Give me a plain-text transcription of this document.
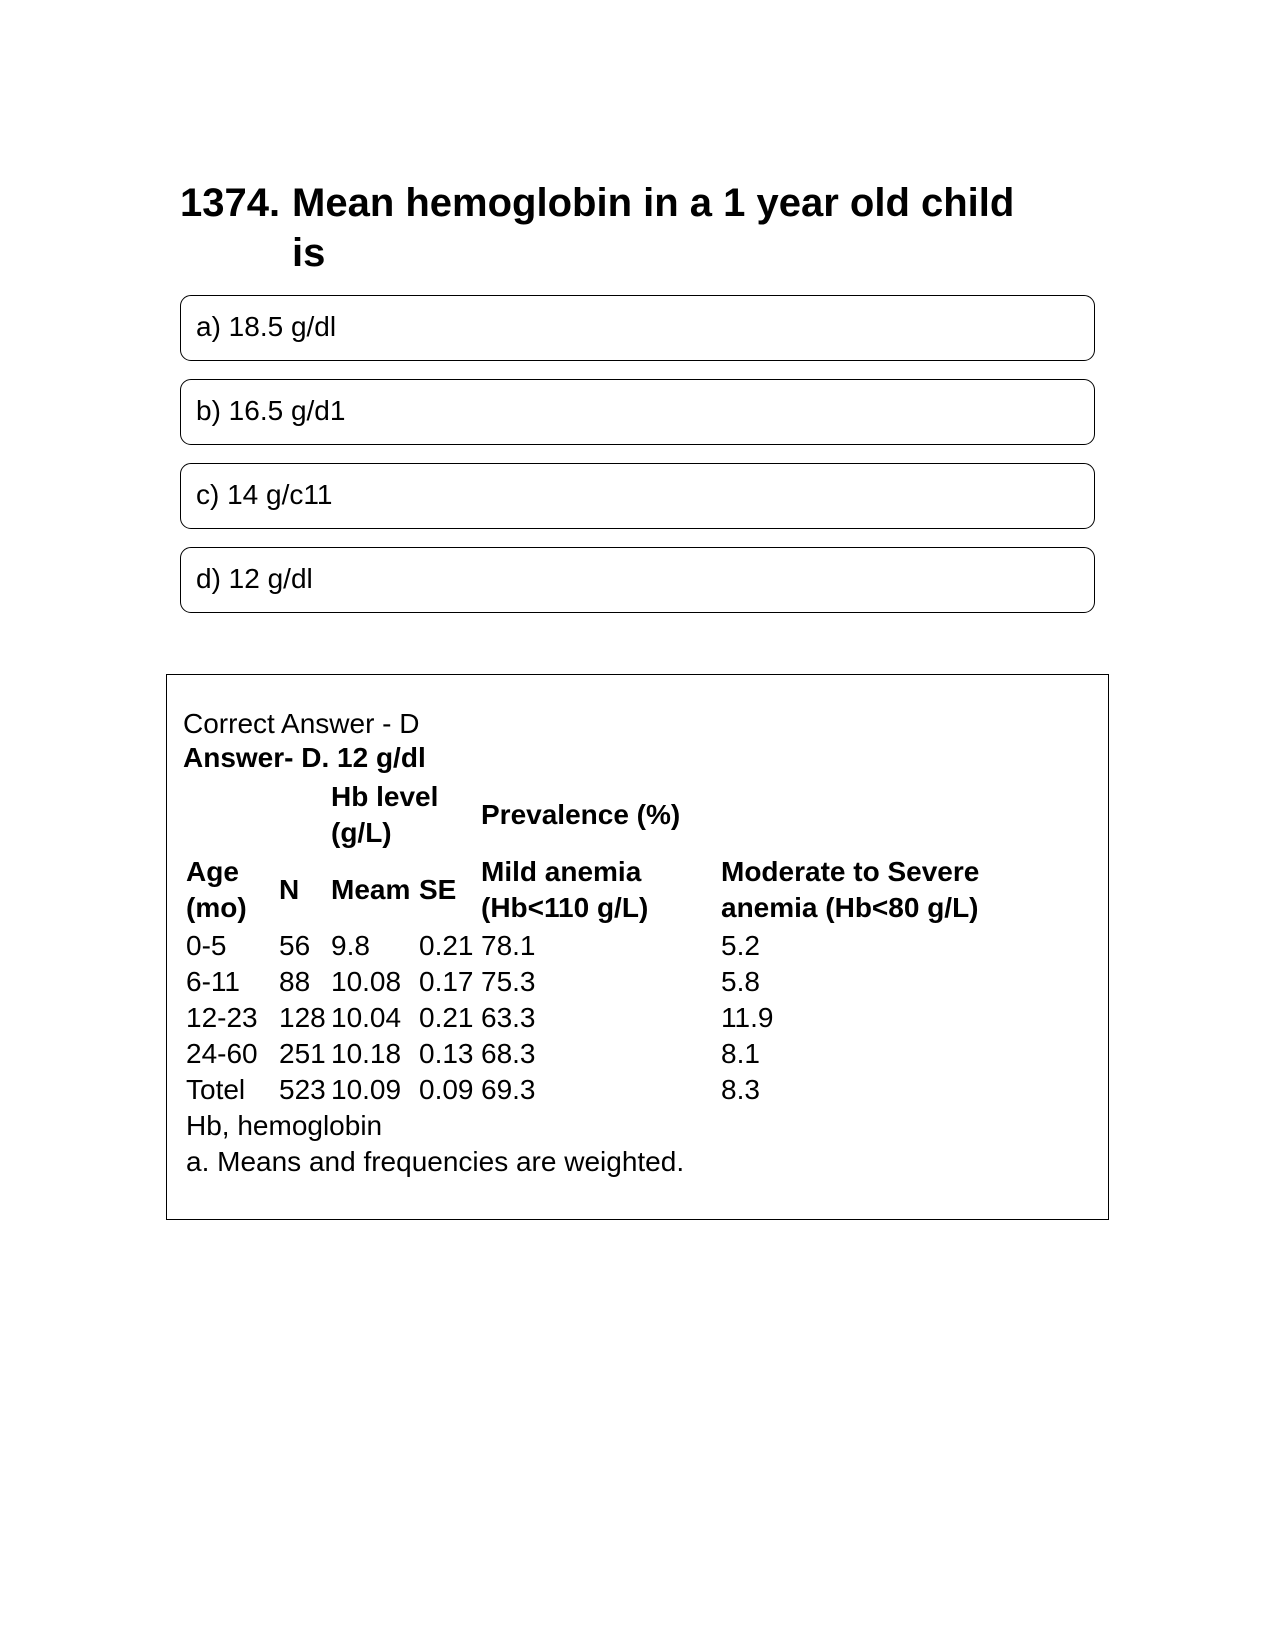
1374. Mean hemoglobin in a 1 year old child is
a) 18.5 g/dl
b) 16.5 g/d1
c) 14 g/c11
d) 12 g/dl
Correct Answer - D
Answer- D. 12 g/dl
		Hb level (g/L)		Prevalence (%)	
Age (mo)	N	Meam	SE	Mild anemia (Hb<110 g/L)	Moderate to Severe anemia (Hb<80 g/L)
0-5	56	9.8	0.21	78.1	5.2
6-11	88	10.08	0.17	75.3	5.8
12-23	128	10.04	0.21	63.3	11.9
24-60	251	10.18	0.13	68.3	8.1
Totel	523	10.09	0.09	69.3	8.3
Hb, hemoglobin
a. Means and frequencies are weighted.
